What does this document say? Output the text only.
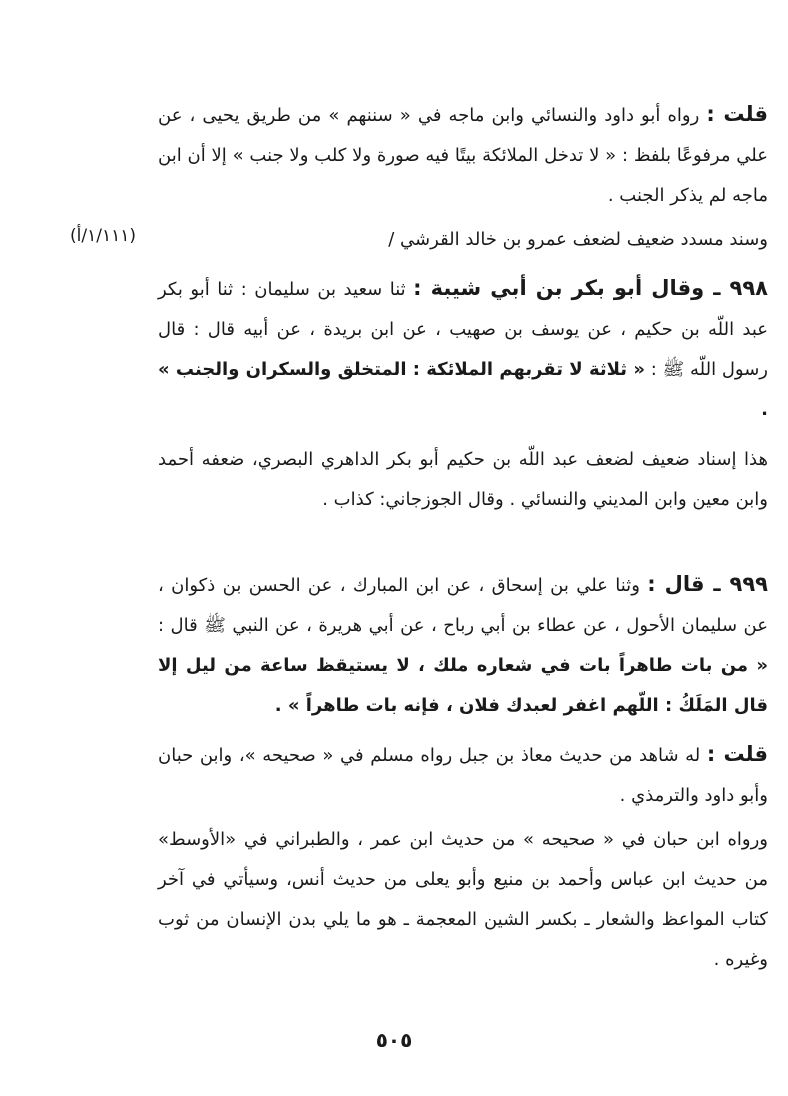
قلت : رواه أبو داود والنسائي وابن ماجه في « سننهم » من طريق يحيى ، عن علي مرفوعًا بلفظ : « لا تدخل الملائكة بيتًا فيه صورة ولا كلب ولا جنب » إلا أن ابن ماجه لم يذكر الجنب .
وسند مسدد ضعيف لضعف عمرو بن خالد القرشي /
(١/١١١/أ)
٩٩٨ ـ وقال أبو بكر بن أبي شيبة : ثنا سعيد بن سليمان : ثنا أبو بكر عبد اللّه بن حكيم ، عن يوسف بن صهيب ، عن ابن بريدة ، عن أبيه قال : قال رسول اللّه ﷺ : « ثلاثة لا تقربهم الملائكة : المتخلق والسكران والجنب » .
هذا إسناد ضعيف لضعف عبد اللّه بن حكيم أبو بكر الداهري البصري، ضعفه أحمد وابن معين وابن المديني والنسائي . وقال الجوزجاني: كذاب .
٩٩٩ ـ قال : وثنا علي بن إسحاق ، عن ابن المبارك ، عن الحسن بن ذكوان ، عن سليمان الأحول ، عن عطاء بن أبي رباح ، عن أبي هريرة ، عن النبي ﷺ قال : « من بات طاهراً بات في شعاره ملك ، لا يستيقظ ساعة من ليل إلا قال المَلَكُ : اللّهم اغفر لعبدك فلان ، فإنه بات طاهراً » .
قلت : له شاهد من حديث معاذ بن جبل رواه مسلم في « صحيحه »، وابن حبان وأبو داود والترمذي .
ورواه ابن حبان في « صحيحه » من حديث ابن عمر ، والطبراني في «الأوسط» من حديث ابن عباس وأحمد بن منيع وأبو يعلى من حديث أنس، وسيأتي في آخر كتاب المواعظ والشعار ـ بكسر الشين المعجمة ـ هو ما يلي بدن الإنسان من ثوب وغيره .
٥٠٥
